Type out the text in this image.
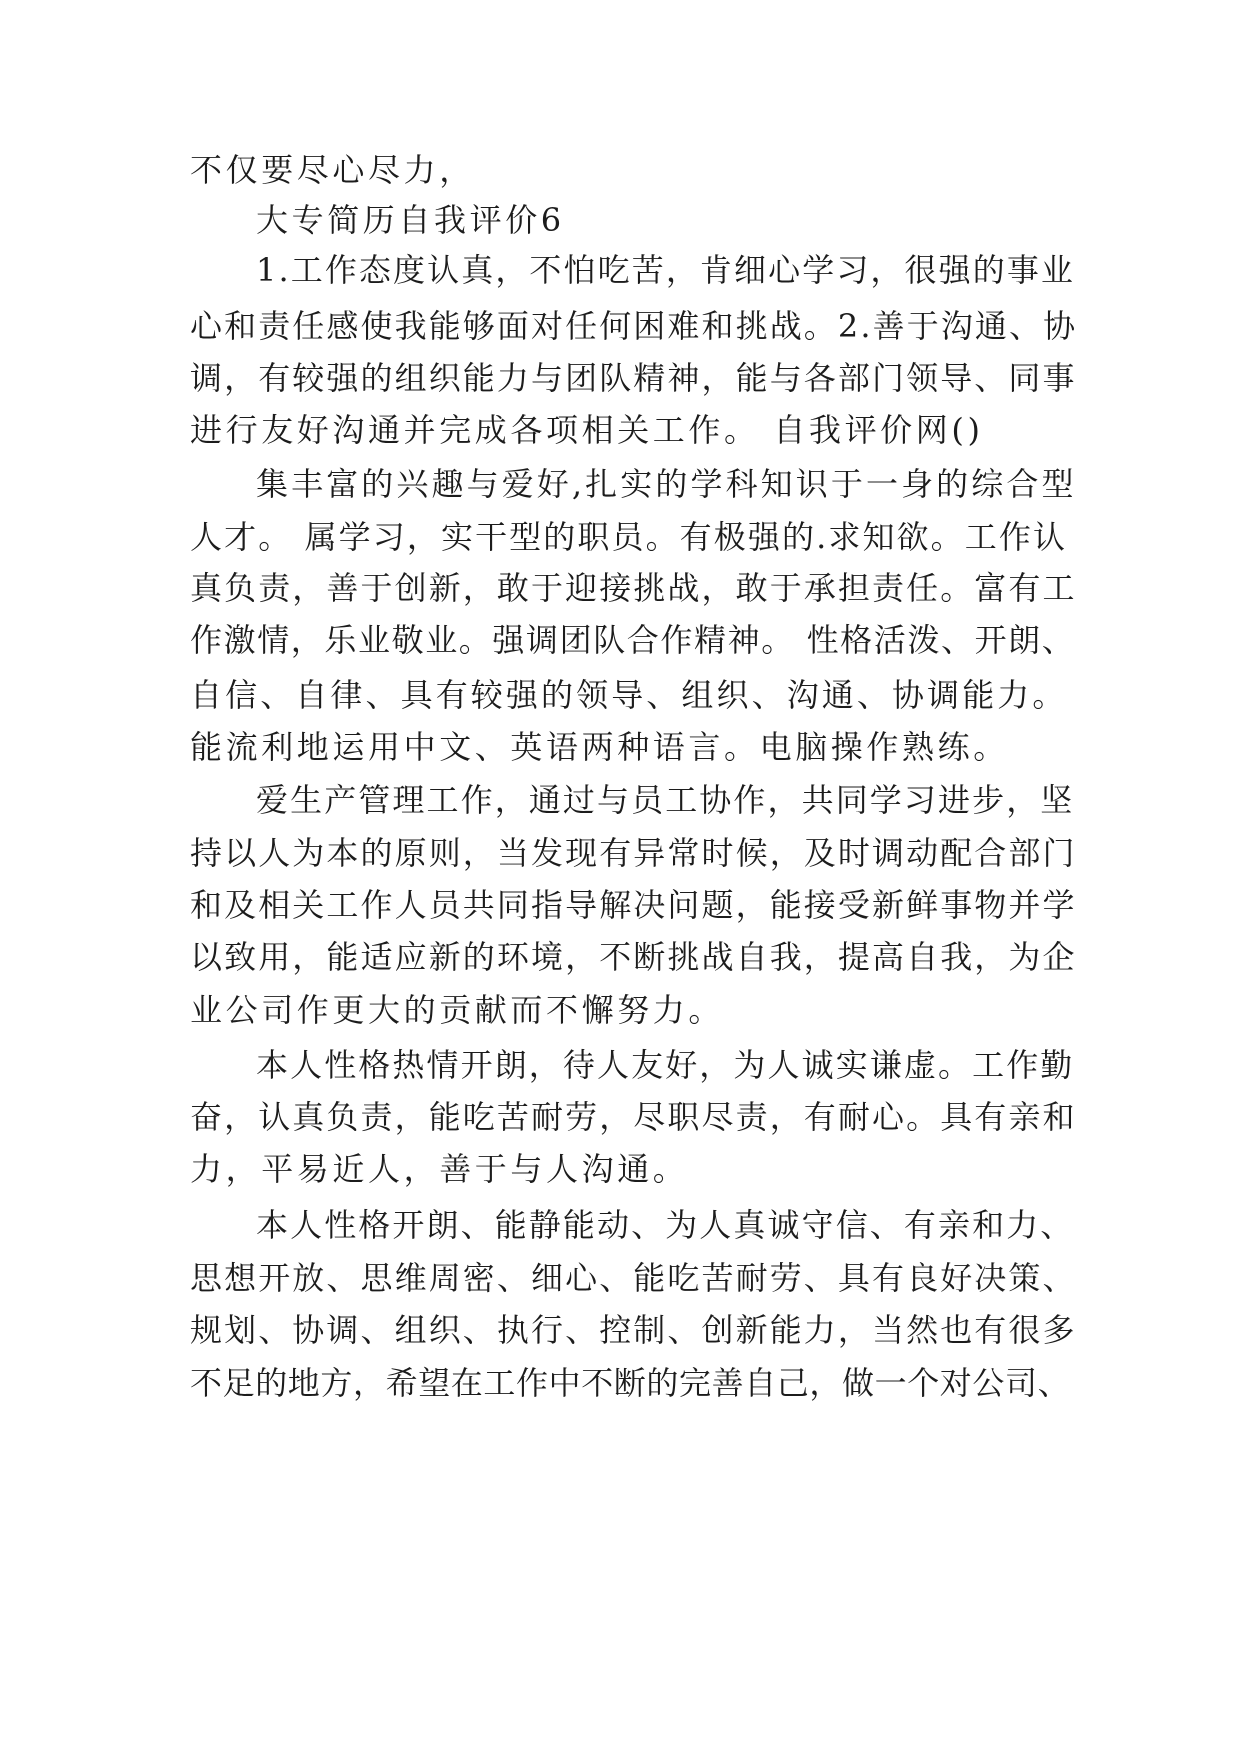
不仅要尽心尽力，
大专简历自我评价6
1.工作态度认真，不怕吃苦，肯细心学习，很强的事业
心和责任感使我能够面对任何困难和挑战。2.善于沟通、协
调，有较强的组织能力与团队精神，能与各部门领导、同事
进行友好沟通并完成各项相关工作。 自我评价网()
集丰富的兴趣与爱好,扎实的学科知识于一身的综合型
人才。 属学习，实干型的职员。有极强的.求知欲。工作认
真负责，善于创新，敢于迎接挑战，敢于承担责任。富有工
作激情，乐业敬业。强调团队合作精神。 性格活泼、开朗、
自信、自律、具有较强的领导、组织、沟通、协调能力。
能流利地运用中文、英语两种语言。电脑操作熟练。
爱生产管理工作，通过与员工协作，共同学习进步，坚
持以人为本的原则，当发现有异常时候，及时调动配合部门
和及相关工作人员共同指导解决问题，能接受新鲜事物并学
以致用，能适应新的环境，不断挑战自我，提高自我，为企
业公司作更大的贡献而不懈努力。
本人性格热情开朗，待人友好，为人诚实谦虚。工作勤
奋，认真负责，能吃苦耐劳，尽职尽责，有耐心。具有亲和
力，平易近人，善于与人沟通。
本人性格开朗、能静能动、为人真诚守信、有亲和力、
思想开放、思维周密、细心、能吃苦耐劳、具有良好决策、
规划、协调、组织、执行、控制、创新能力，当然也有很多
不足的地方，希望在工作中不断的完善自己，做一个对公司、
